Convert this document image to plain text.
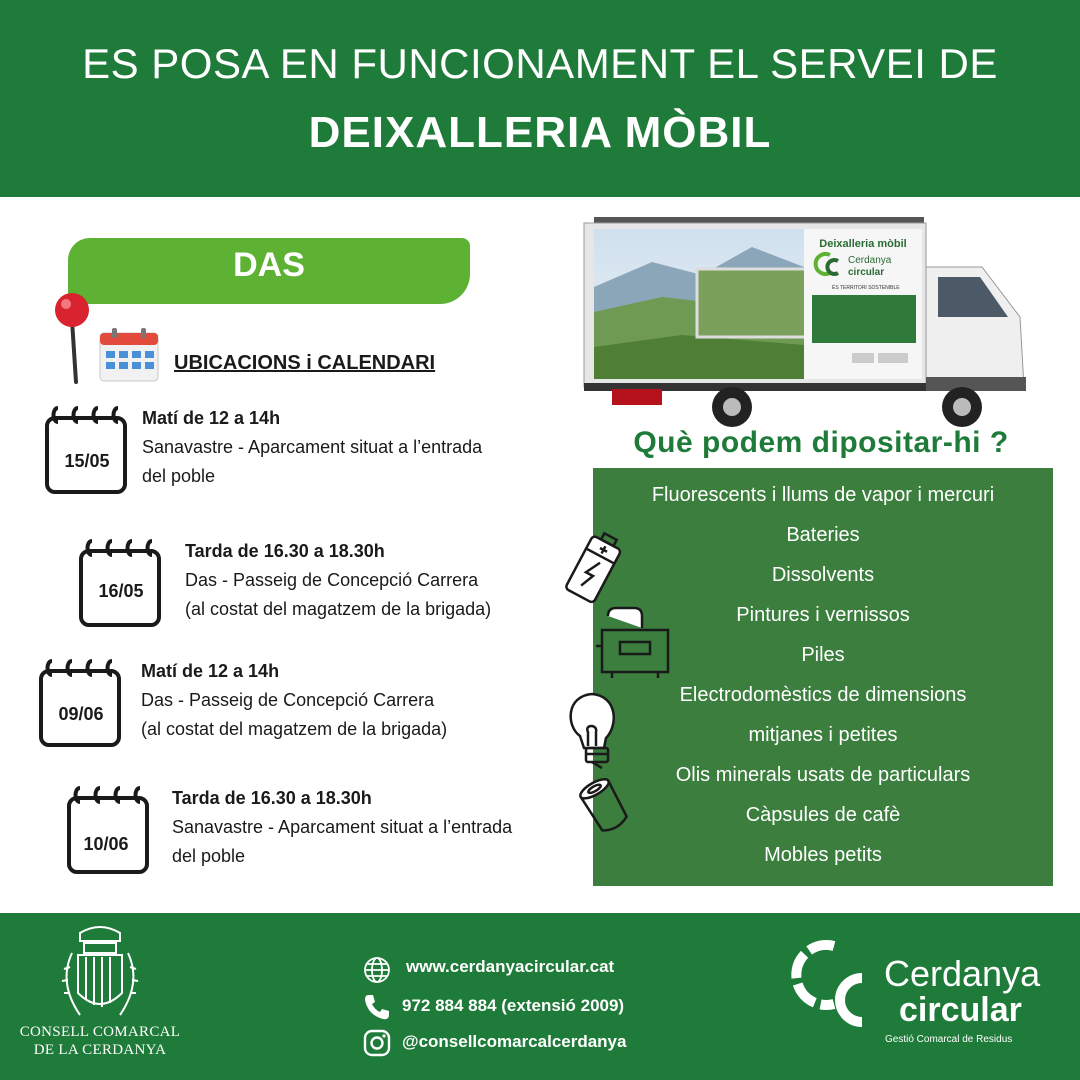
ES POSA EN FUNCIONAMENT EL SERVEI DE
DEIXALLERIA MÒBIL
DAS
UBICACIONS i CALENDARI
15/05
Matí de 12 a 14h
Sanavastre - Aparcament situat a l’entrada
del poble
16/05
Tarda de 16.30 a 18.30h
Das - Passeig de Concepció Carrera
(al costat del magatzem de la brigada)
09/06
Matí de 12 a 14h
Das - Passeig de Concepció Carrera
(al costat del magatzem de la brigada)
10/06
Tarda de 16.30 a 18.30h
Sanavastre - Aparcament situat a l’entrada
del poble
Deixalleria mòbil
Cerdanya
circular
ÉS TERRITORI SOSTENIBLE
Què podem dipositar-hi ?
Fluorescents i llums de vapor i mercuri
Bateries
Dissolvents
Pintures i vernissos
Piles
Electrodomèstics de dimensions
mitjanes i petites
Olis minerals usats de particulars
Càpsules de cafè
Mobles petits
CONSELL COMARCAL
DE LA CERDANYA
www.cerdanyacircular.cat
972 884 884 (extensió 2009)
@consellcomarcalcerdanya
Cerdanya
circular
Gestió Comarcal de Residus
